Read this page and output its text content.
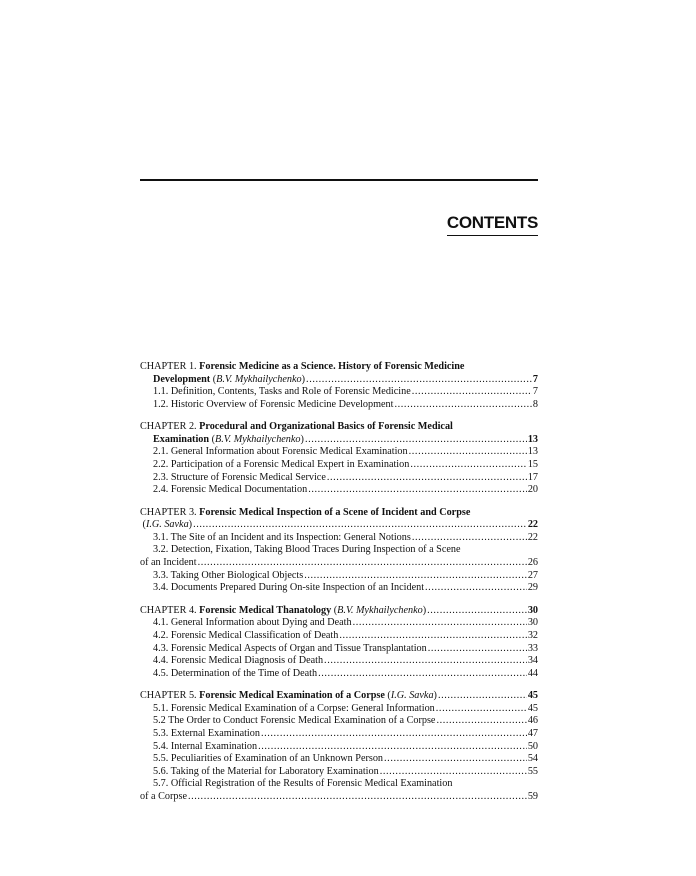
CONTENTS
CHAPTER 1.
Forensic Medicine as a Science. History of Forensic Medicine
Development ( B.V. Mykhailychenko ) .....	7
1.1. Definition, Contents, Tasks and Role of Forensic Medicine .....	7
1.2. Historic Overview of Forensic Medicine Development .....	8
CHAPTER 2.
Procedural and Organizational Basics of Forensic Medical
Examination ( B.V. Mykhailychenko ) .....	13
2.1. General Information about Forensic Medical Examination .....	13
2.2. Participation of a Forensic Medical Expert in Examination .....	15
2.3. Structure of Forensic Medical Service .....	17
2.4. Forensic Medical Documentation .....	20
CHAPTER 3.
Forensic Medical Inspection of a Scene of Incident and Corpse
( I.G. Savka ) .....	22
3.1. The Site of an Incident and its Inspection: General Notions .....	22
3.2. Detection, Fixation, Taking Blood Traces During Inspection of a Scene
of an Incident .....	26
3.3. Taking Other Biological Objects .....	27
3.4. Documents Prepared During On-site Inspection of an Incident .....	29
CHAPTER 4.
Forensic Medical Thanatology ( B.V. Mykhailychenko ) .....	30
4.1. General Information about Dying and Death .....	30
4.2. Forensic Medical Classification of Death .....	32
4.3. Forensic Medical Aspects of Organ and Tissue Transplantation .....	33
4.4. Forensic Medical Diagnosis of Death .....	34
4.5. Determination of the Time of Death .....	44
CHAPTER 5.
Forensic Medical Examination of a Corpse ( I.G. Savka ) .....	45
5.1. Forensic Medical Examination of a Corpse: General Information .....	45
5.2 The Order to Conduct Forensic Medical Examination of a Corpse .....	46
5.3. External Examination .....	47
5.4. Internal Examination .....	50
5.5. Peculiarities of Examination of an Unknown Person .....	54
5.6. Taking of the Material for Laboratory Examination .....	55
5.7. Official Registration of the Results of Forensic Medical Examination
of a Corpse .....	59
